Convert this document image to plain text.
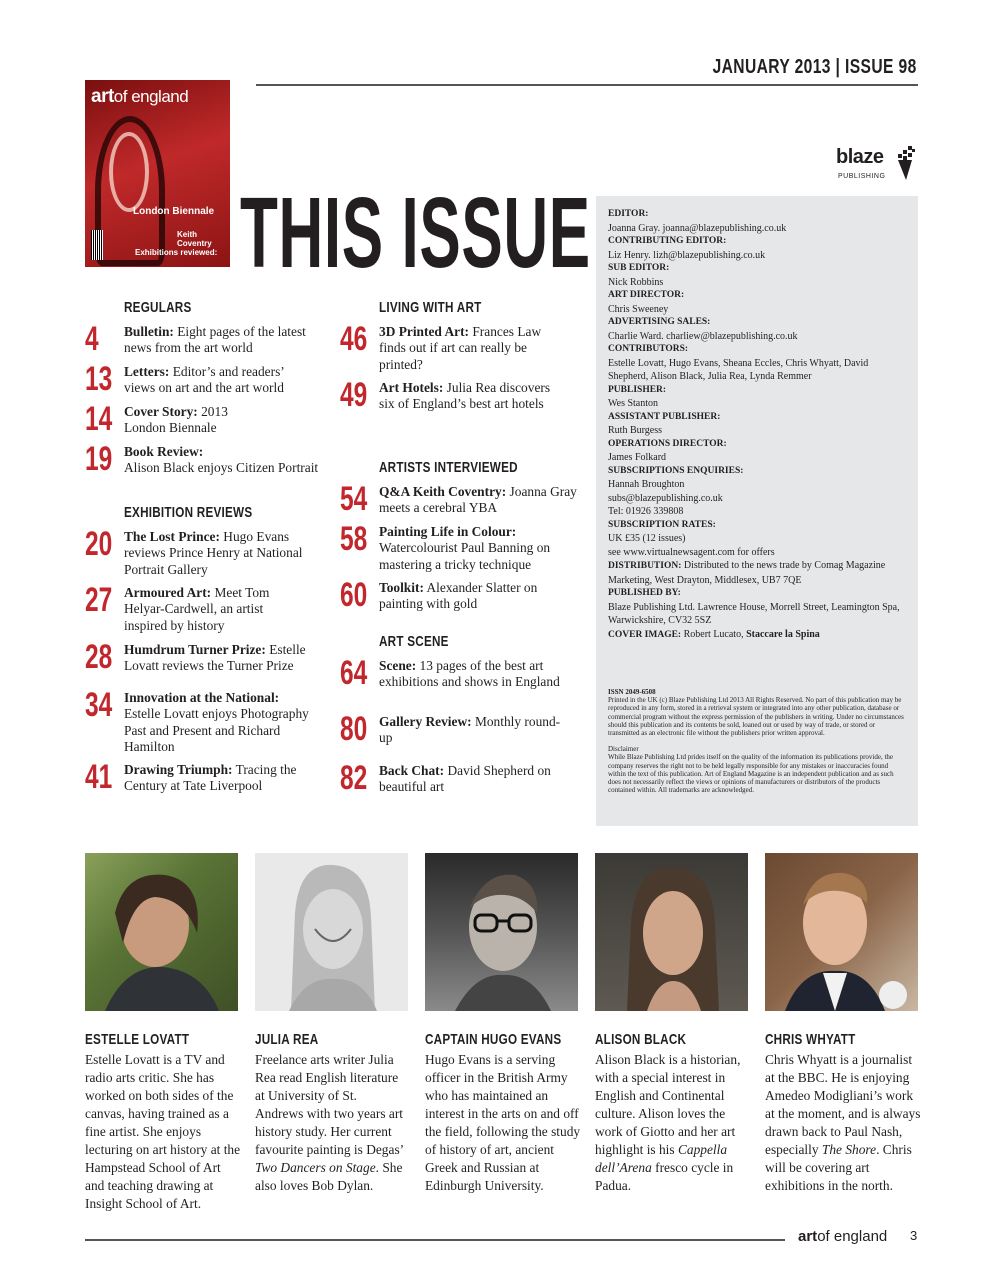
JANUARY 2013 | ISSUE 98
artof england
London Biennale
Keith Coventry
Exhibitions reviewed:
blaze
PUBLISHING
THIS ISSUE
REGULARS
4 Bulletin: Eight pages of the latest news from the art world
13 Letters: Editor’s and readers’ views on art and the art world
14 Cover Story: 2013 London Biennale
19 Book Review:
Alison Black enjoys Citizen Portrait
EXHIBITION REVIEWS
20 The Lost Prince: Hugo Evans reviews Prince Henry at National Portrait Gallery
27 Armoured Art: Meet Tom Helyar-Cardwell, an artist inspired by history
28 Humdrum Turner Prize: Estelle Lovatt reviews the Turner Prize
34 Innovation at the National: Estelle Lovatt enjoys Photography Past and Present and Richard Hamilton
41 Drawing Triumph: Tracing the Century at Tate Liverpool
LIVING WITH ART
46 3D Printed Art: Frances Law finds out if art can really be printed?
49 Art Hotels: Julia Rea discovers six of England’s best art hotels
ARTISTS INTERVIEWED
54 Q&A Keith Coventry: Joanna Gray meets a cerebral YBA
58 Painting Life in Colour: Watercolourist Paul Banning on mastering a tricky technique
60 Toolkit: Alexander Slatter on painting with gold
ART SCENE
64 Scene: 13 pages of the best art exhibitions and shows in England
80 Gallery Review: Monthly round-up
82 Back Chat: David Shepherd on beautiful art
EDITOR:
Joanna Gray. joanna@blazepublishing.co.uk
CONTRIBUTING EDITOR:
Liz Henry. lizh@blazepublishing.co.uk
SUB EDITOR:
Nick Robbins
ART DIRECTOR:
Chris Sweeney
ADVERTISING SALES:
Charlie Ward. charliew@blazepublishing.co.uk
CONTRIBUTORS:
Estelle Lovatt, Hugo Evans, Sheana Eccles, Chris Whyatt, David Shepherd, Alison Black, Julia Rea, Lynda Remmer
PUBLISHER:
Wes Stanton
ASSISTANT PUBLISHER:
Ruth Burgess
OPERATIONS DIRECTOR:
James Folkard
SUBSCRIPTIONS ENQUIRIES:
Hannah Broughton
subs@blazepublishing.co.uk
Tel: 01926 339808
SUBSCRIPTION RATES:
UK £35 (12 issues)
see www.virtualnewsagent.com for offers
DISTRIBUTION: Distributed to the news trade by Comag Magazine Marketing, West Drayton, Middlesex, UB7 7QE
PUBLISHED BY:
Blaze Publishing Ltd. Lawrence House, Morrell Street, Leamington Spa, Warwickshire, CV32 5SZ
COVER IMAGE: Robert Lucato, Staccare la Spina
ISSN 2049-6508
Printed in the UK (c) Blaze Publishing Ltd 2013 All Rights Reserved. No part of this publication may be reproduced in any form, stored in a retrieval system or integrated into any other publication, database or commercial program without the express permission of the publishers in writing. Under no circumstances should this publication and its contents be sold, loaned out or used by way of trade, or stored or transmitted as an electronic file without the publishers prior written approval.
Disclaimer
While Blaze Publishing Ltd prides itself on the quality of the information its publications provide, the company reserves the right not to be held legally responsible for any mistakes or inaccuracies found within the text of this publication. Art of England Magazine is an independent publication and as such does not necessarily reflect the views or opinions of manufacturers or distributors of the products contained within. All trademarks are acknowledged.
ESTELLE LOVATT	JULIA REA	CAPTAIN HUGO EVANS ALISON BLACK	CHRIS WHYATT
Estelle Lovatt is a TV and radio arts critic. She has worked on both sides of the canvas, having trained as a fine artist. She enjoys lecturing on art history at the Hampstead School of Art and teaching drawing at Insight School of Art.
Freelance arts writer Julia Rea read English literature at University of St. Andrews with two years art history study. Her current favourite painting is Degas’ Two Dancers on Stage. She also loves Bob Dylan.
Hugo Evans is a serving officer in the British Army who has maintained an interest in the arts on and off the field, following the study of history of art, ancient Greek and Russian at Edinburgh University.
Alison Black is a historian, with a special interest in English and Continental culture. Alison loves the work of Giotto and her art highlight is his Cappella dell’Arena fresco cycle in Padua.
Chris Whyatt is a journalist at the BBC. He is enjoying Amedeo Modigliani’s work at the moment, and is always drawn back to Paul Nash, especially The Shore. Chris will be covering art exhibitions in the north.
artof england 3
